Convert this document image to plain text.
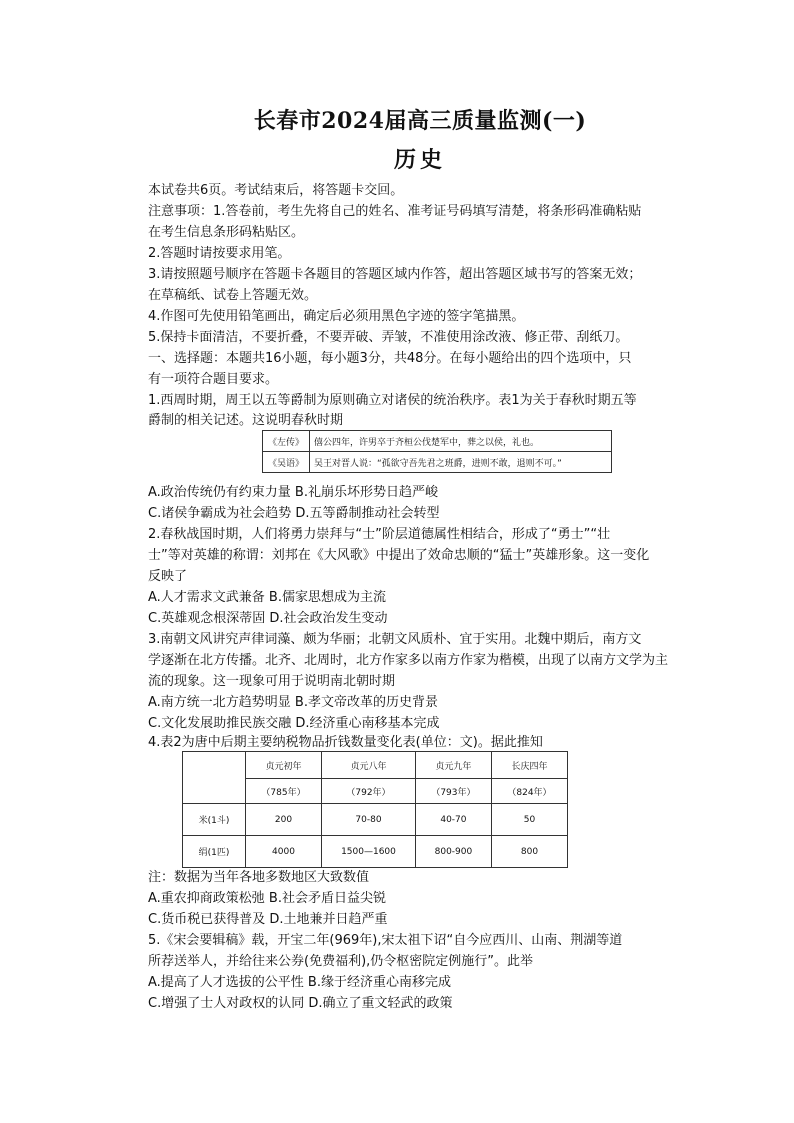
长春市2024届高三质量监测(一)
历史
本试卷共6页。考试结束后，将答题卡交回。
注意事项：1.答卷前，考生先将自己的姓名、准考证号码填写清楚，将条形码准确粘贴
在考生信息条形码粘贴区。
2.答题时请按要求用笔。
3.请按照题号顺序在答题卡各题目的答题区域内作答，超出答题区域书写的答案无效；
在草稿纸、试卷上答题无效。
4.作图可先使用铅笔画出，确定后必须用黑色字迹的签字笔描黑。
5.保持卡面清洁，不要折叠，不要弄破、弄皱，不准使用涂改液、修正带、刮纸刀。
一、选择题：本题共16小题，每小题3分，共48分。在每小题给出的四个选项中，只
有一项符合题目要求。
1.西周时期，周王以五等爵制为原则确立对诸侯的统治秩序。表1为关于春秋时期五等
爵制的相关记述。这说明春秋时期
《左传》	僖公四年，许男卒于齐桓公伐楚军中，葬之以侯，礼也。
《吴语》	吴王对晋人说：“孤欲守吾先君之班爵，进则不敢，退则不可。”
A.政治传统仍有约束力量 B.礼崩乐坏形势日趋严峻
C.诸侯争霸成为社会趋势 D.五等爵制推动社会转型
2.春秋战国时期，人们将勇力崇拜与“士”阶层道德属性相结合，形成了“勇士”“壮
士”等对英雄的称谓：刘邦在《大风歌》中提出了效命忠顺的“猛士”英雄形象。这一变化
反映了
A.人才需求文武兼备 B.儒家思想成为主流
C.英雄观念根深蒂固 D.社会政治发生变动
3.南朝文风讲究声律词藻、颇为华丽；北朝文风质朴、宜于实用。北魏中期后，南方文
学逐渐在北方传播。北齐、北周时，北方作家多以南方作家为楷模，出现了以南方文学为主
流的现象。这一现象可用于说明南北朝时期
A.南方统一北方趋势明显 B.孝文帝改革的历史背景
C.文化发展助推民族交融 D.经济重心南移基本完成
4.表2为唐中后期主要纳税物品折钱数量变化表(单位：文)。据此推知
	贞元初年	贞元八年	贞元九年	长庆四年
	（785年）	（792年）	（793年）	（824年）
米(1斗)	200	70-80	40-70	50
绢(1匹)	4000	1500—1600	800-900	800
注：数据为当年各地多数地区大致数值
A.重农抑商政策松弛 B.社会矛盾日益尖锐
C.货币税已获得普及 D.土地兼并日趋严重
5.《宋会要辑稿》载，开宝二年(969年),宋太祖下诏“自今应西川、山南、荆湖等道
所荐送举人，并给往来公券(免费福利),仍令枢密院定例施行”。此举
A.提高了人才选拔的公平性 B.缘于经济重心南移完成
C.增强了士人对政权的认同 D.确立了重文轻武的政策
